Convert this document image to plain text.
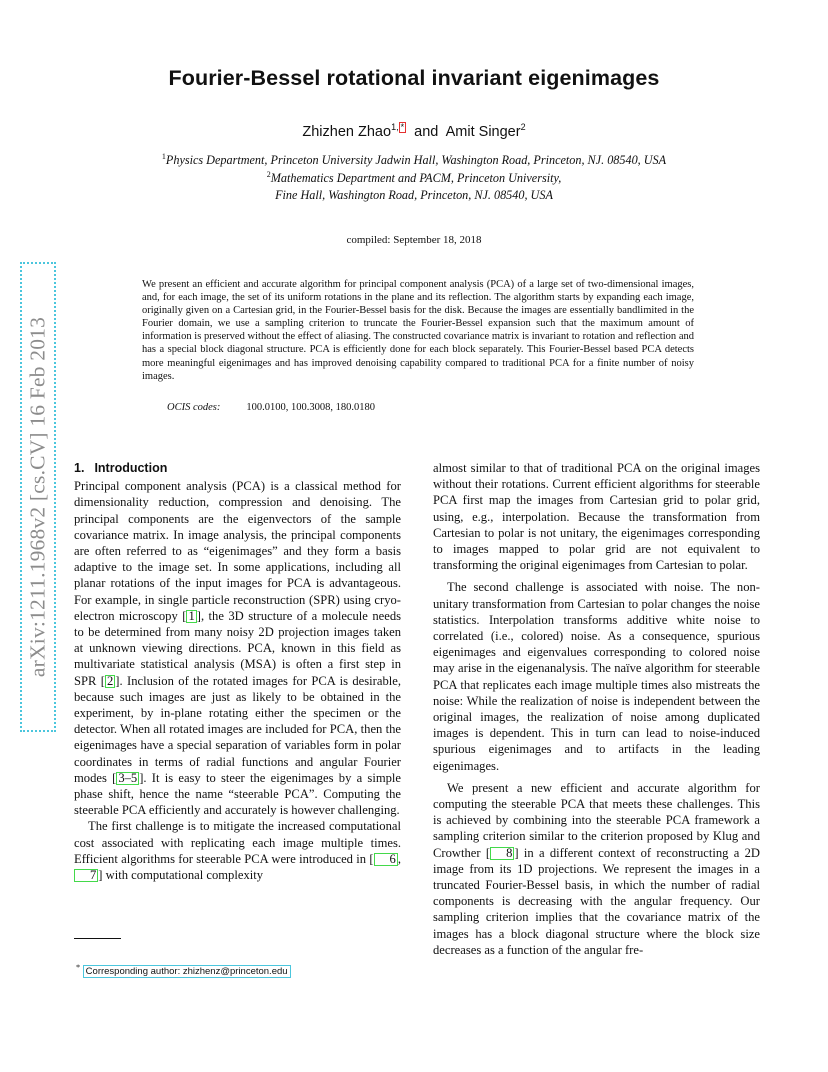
Fourier-Bessel rotational invariant eigenimages
Zhizhen Zhao$^{1,}$ * and Amit Singer$^2$
$^1$Physics Department, Princeton University Jadwin Hall, Washington Road, Princeton, NJ. 08540, USA
$^2$Mathematics Department and PACM, Princeton University,
Fine Hall, Washington Road, Princeton, NJ. 08540, USA
compiled: September 18, 2018
We present an efficient and accurate algorithm for principal component analysis (PCA) of a large set of two-dimensional images, and, for each image, the set of its uniform rotations in the plane and its reflection. The algorithm starts by expanding each image, originally given on a Cartesian grid, in the Fourier-Bessel basis for the disk. Because the images are essentially bandlimited in the Fourier domain, we use a sampling criterion to truncate the Fourier-Bessel expansion such that the maximum amount of information is preserved without the effect of aliasing. The constructed covariance matrix is invariant to rotation and reflection and has a special block diagonal structure. PCA is efficiently done for each block separately. This Fourier-Bessel based PCA detects more meaningful eigenimages and has improved denoising capability compared to traditional PCA for a finite number of noisy images.
OCIS codes: 100.0100, 100.3008, 180.0180
arXiv:1211.1968v2 [cs.CV] 16 Feb 2013 1. Introduction

Principal component analysis (PCA) is a classical method for dimensionality reduction, compression and denoising. The principal components are the eigenvectors of the sample covariance matrix. In image analysis, the principal components are often referred to as “eigenimages” and they form a basis adaptive to the image set. In some applications, including all planar rotations of the input images for PCA is advantageous. For example, in single particle reconstruction (SPR) using cryo-electron microscopy [ 1 ], the 3D structure of a molecule needs to be determined from many noisy 2D projection images taken at unknown viewing directions. PCA, known in this field as multivariate statistical analysis (MSA) is often a first step in SPR [ 2 ]. Inclusion of the rotated images for PCA is desirable, because such images are just as likely to be obtained in the experiment, by in-plane rotating either the specimen or the detector. When all rotated images are included for PCA, then the eigenimages have a special separation of variables form in polar coordinates in terms of radial functions and angular Fourier modes [ 3–5 ]. It is easy to steer the eigenimages by a simple phase shift, hence the name “steerable PCA”. Computing the steerable PCA efficiently and accurately is however challenging.

The first challenge is to mitigate the increased computational cost associated with replicating each image multiple times. Efficient algorithms for steerable PCA were introduced in [ 6 , 7 ] with computational complexity

almost similar to that of traditional PCA on the original images without their rotations. Current efficient algorithms for steerable PCA first map the images from Cartesian grid to polar grid, using, e.g., interpolation. Because the transformation from Cartesian to polar is not unitary, the eigenimages corresponding to images mapped to polar grid are not equivalent to transforming the original eigenimages from Cartesian to polar.

The second challenge is associated with noise. The non-unitary transformation from Cartesian to polar changes the noise statistics. Interpolation transforms additive white noise to correlated (i.e., colored) noise. As a consequence, spurious eigenimages and eigenvalues corresponding to colored noise may arise in the eigenanalysis. The naïve algorithm for steerable PCA that replicates each image multiple times also mistreats the noise: While the realization of noise is independent between the original images, the realization of noise among duplicated images is dependent. This in turn can lead to noise-induced spurious eigenimages and to artifacts in the leading eigenimages.

We present a new efficient and accurate algorithm for computing the steerable PCA that meets these challenges. This is achieved by combining into the steerable PCA framework a sampling criterion similar to the criterion proposed by Klug and Crowther [ 8 ] in a different context of reconstructing a 2D image from its 1D projections. We represent the images in a truncated Fourier-Bessel basis, in which the number of radial components is decreasing with the angular frequency. Our sampling criterion implies that the covariance matrix of the images has a block diagonal structure where the block size decreases as a function of the angular fre-

* Corresponding author: zhizhenz@princeton.edu
